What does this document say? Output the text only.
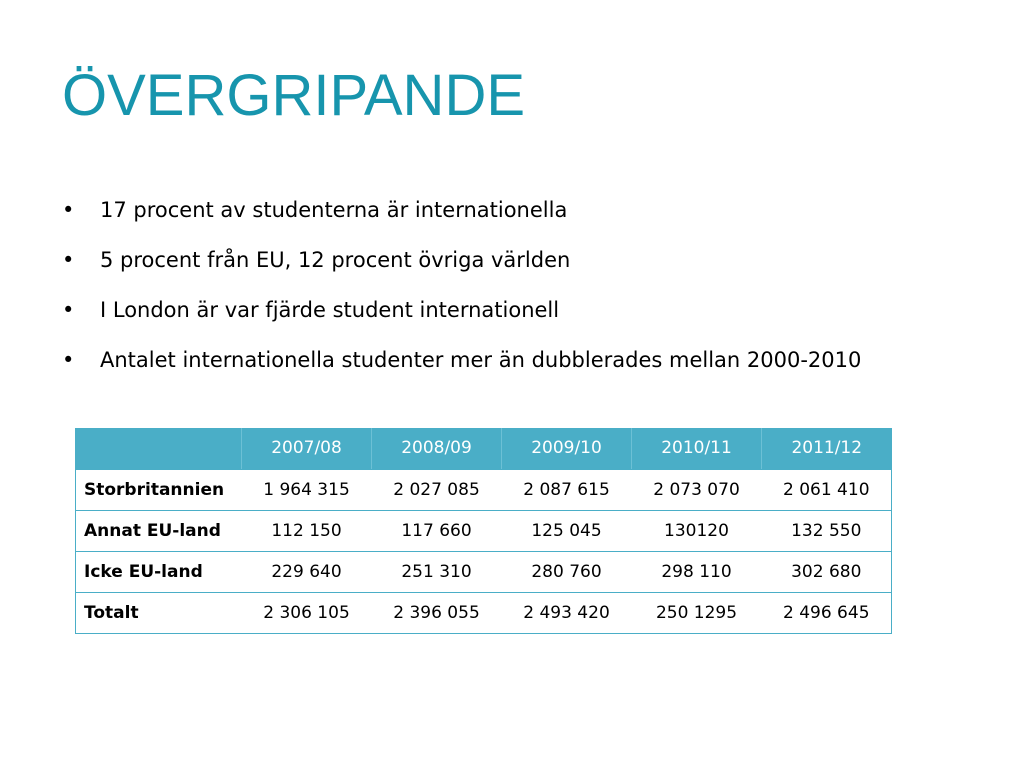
ÖVERGRIPANDE
•	17 procent av studenterna är internationella
•	5 procent från EU, 12 procent övriga världen
•	I London är var fjärde student internationell
•	Antalet internationella studenter mer än dubblerades mellan 2000-2010
	2007/08	2008/09	2009/10	2010/11	2011/12
Storbritannien	1 964 315	2 027 085	2 087 615	2 073 070	2 061 410
Annat EU-land	112 150	117 660	125 045	130120	132 550
Icke EU-land	229 640	251 310	280 760	298 110	302 680
Totalt	2 306 105	2 396 055	2 493 420	250 1295	2 496 645
